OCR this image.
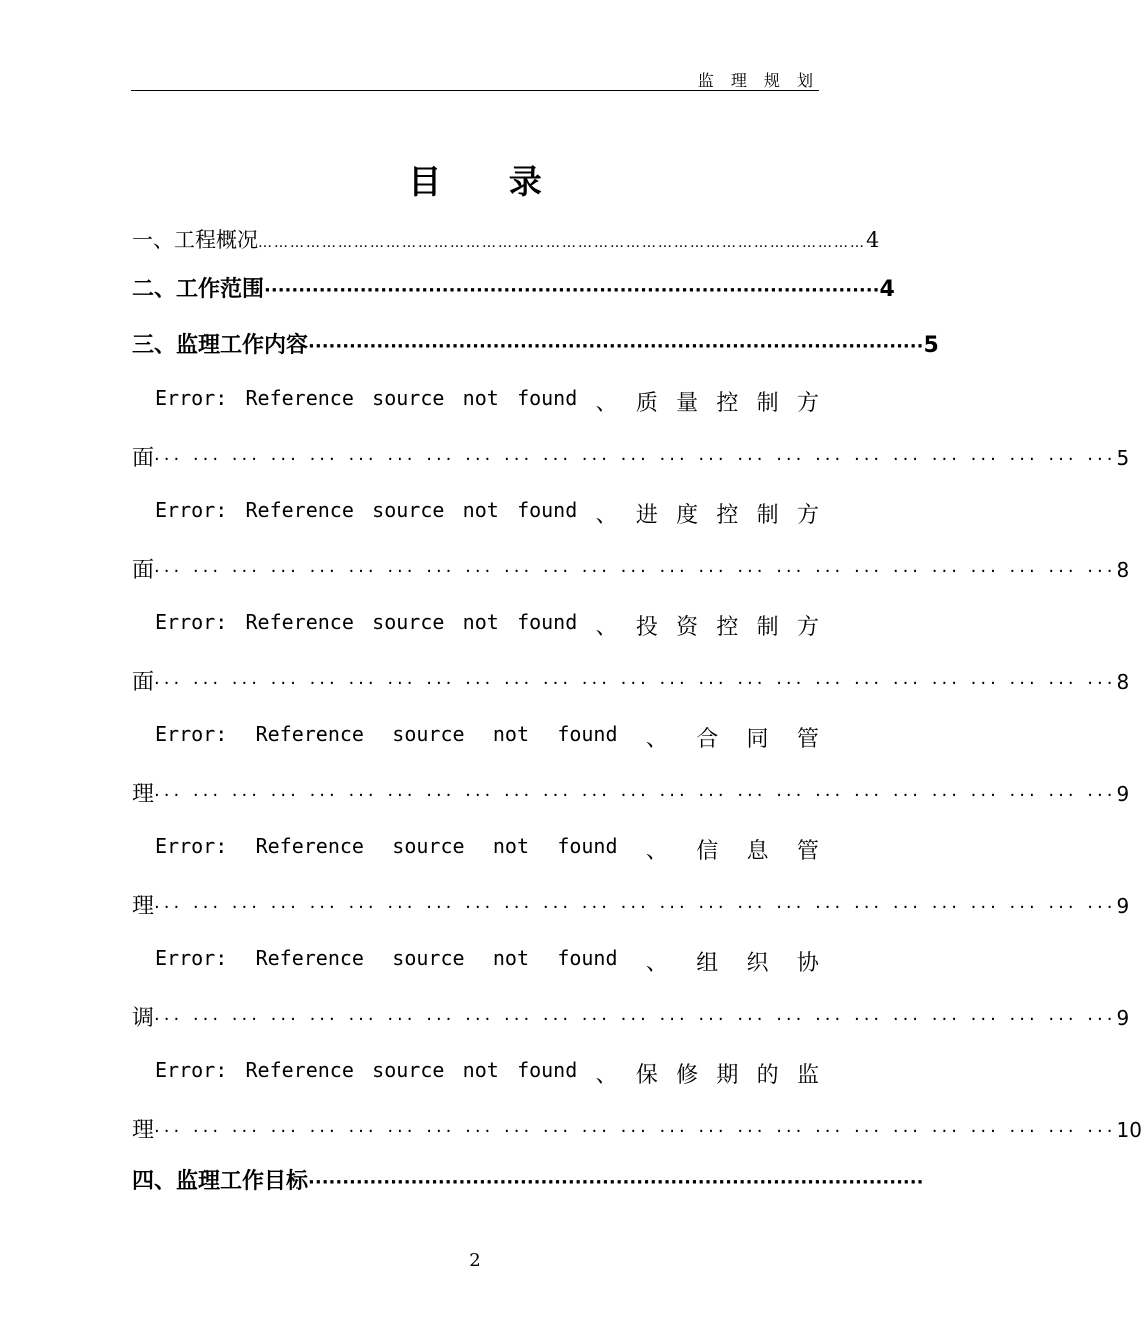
监 理 规 划
目 录
一、工程概况 …………………………………………………………………………………………………… 4
二、工作范围 ·························································································· 4
三、监理工作内容 ·························································································· 5
Error: Reference source not found 、 质 量 控 制 方
面 ··· ··· ··· ··· ··· ··· ··· ··· ··· ··· ··· ··· ··· ··· ··· ··· ··· ··· ··· ··· ··· ··· ··· ··· ··· 5
Error: Reference source not found 、 进 度 控 制 方
面 ··· ··· ··· ··· ··· ··· ··· ··· ··· ··· ··· ··· ··· ··· ··· ··· ··· ··· ··· ··· ··· ··· ··· ··· ··· 8
Error: Reference source not found 、 投 资 控 制 方
面 ··· ··· ··· ··· ··· ··· ··· ··· ··· ··· ··· ··· ··· ··· ··· ··· ··· ··· ··· ··· ··· ··· ··· ··· ··· 8
Error: Reference source not found 、 合 同 管
理 ··· ··· ··· ··· ··· ··· ··· ··· ··· ··· ··· ··· ··· ··· ··· ··· ··· ··· ··· ··· ··· ··· ··· ··· ··· 9
Error: Reference source not found 、 信 息 管
理 ··· ··· ··· ··· ··· ··· ··· ··· ··· ··· ··· ··· ··· ··· ··· ··· ··· ··· ··· ··· ··· ··· ··· ··· ··· 9
Error: Reference source not found 、 组 织 协
调 ··· ··· ··· ··· ··· ··· ··· ··· ··· ··· ··· ··· ··· ··· ··· ··· ··· ··· ··· ··· ··· ··· ··· ··· ··· 9
Error: Reference source not found 、 保 修 期 的 监
理 ··· ··· ··· ··· ··· ··· ··· ··· ··· ··· ··· ··· ··· ··· ··· ··· ··· ··· ··· ··· ··· ··· ··· ··· ··· 10
四、监理工作目标 ··························································································
2
